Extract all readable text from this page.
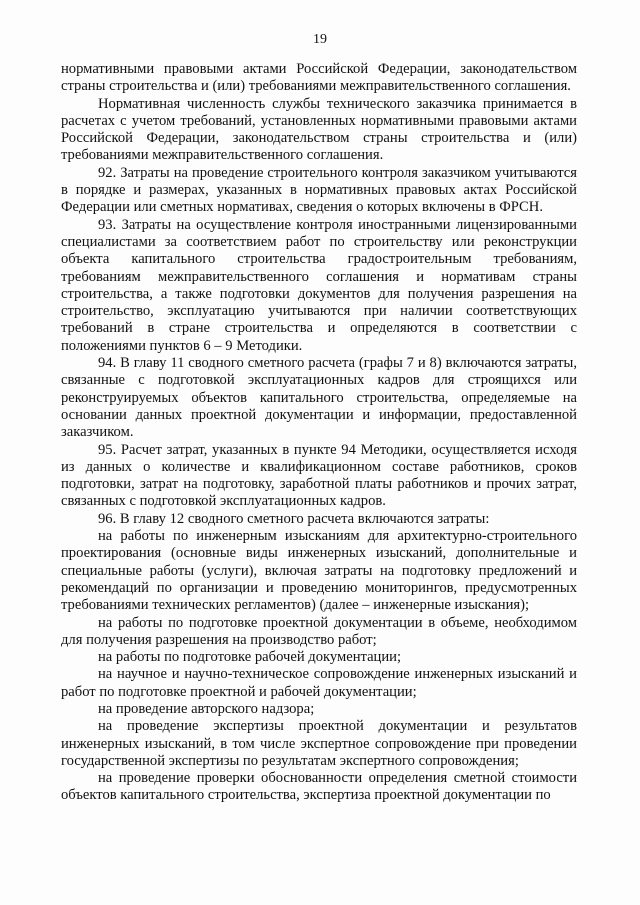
19

нормативными правовыми актами Российской Федерации, законодательством страны строительства и (или) требованиями межправительственного соглашения.

Нормативная численность службы технического заказчика принимается в расчетах с учетом требований, установленных нормативными правовыми актами Российской Федерации, законодательством страны строительства и (или) требованиями межправительственного соглашения.

92. Затраты на проведение строительного контроля заказчиком учитываются в порядке и размерах, указанных в нормативных правовых актах Российской Федерации или сметных нормативах, сведения о которых включены в ФРСН.

93. Затраты на осуществление контроля иностранными лицензированными специалистами за соответствием работ по строительству или реконструкции объекта капитального строительства градостроительным требованиям, требованиям межправительственного соглашения и нормативам страны строительства, а также подготовки документов для получения разрешения на строительство, эксплуатацию учитываются при наличии соответствующих требований в стране строительства и определяются в соответствии с положениями пунктов 6 – 9 Методики.

94. В главу 11 сводного сметного расчета (графы 7 и 8) включаются затраты, связанные с подготовкой эксплуатационных кадров для строящихся или реконструируемых объектов капитального строительства, определяемые на основании данных проектной документации и информации, предоставленной заказчиком.

95. Расчет затрат, указанных в пункте 94 Методики, осуществляется исходя из данных о количестве и квалификационном составе работников, сроков подготовки, затрат на подготовку, заработной платы работников и прочих затрат, связанных с подготовкой эксплуатационных кадров.

96. В главу 12 сводного сметного расчета включаются затраты:

на работы по инженерным изысканиям для архитектурно-строительного проектирования (основные виды инженерных изысканий, дополнительные и специальные работы (услуги), включая затраты на подготовку предложений и рекомендаций по организации и проведению мониторингов, предусмотренных требованиями технических регламентов) (далее – инженерные изыскания);

на работы по подготовке проектной документации в объеме, необходимом для получения разрешения на производство работ;

на работы по подготовке рабочей документации;

на научное и научно-техническое сопровождение инженерных изысканий и работ по подготовке проектной и рабочей документации;

на проведение авторского надзора;

на проведение экспертизы проектной документации и результатов инженерных изысканий, в том числе экспертное сопровождение при проведении государственной экспертизы по результатам экспертного сопровождения;

на проведение проверки обоснованности определения сметной стоимости объектов капитального строительства, экспертиза проектной документации по
